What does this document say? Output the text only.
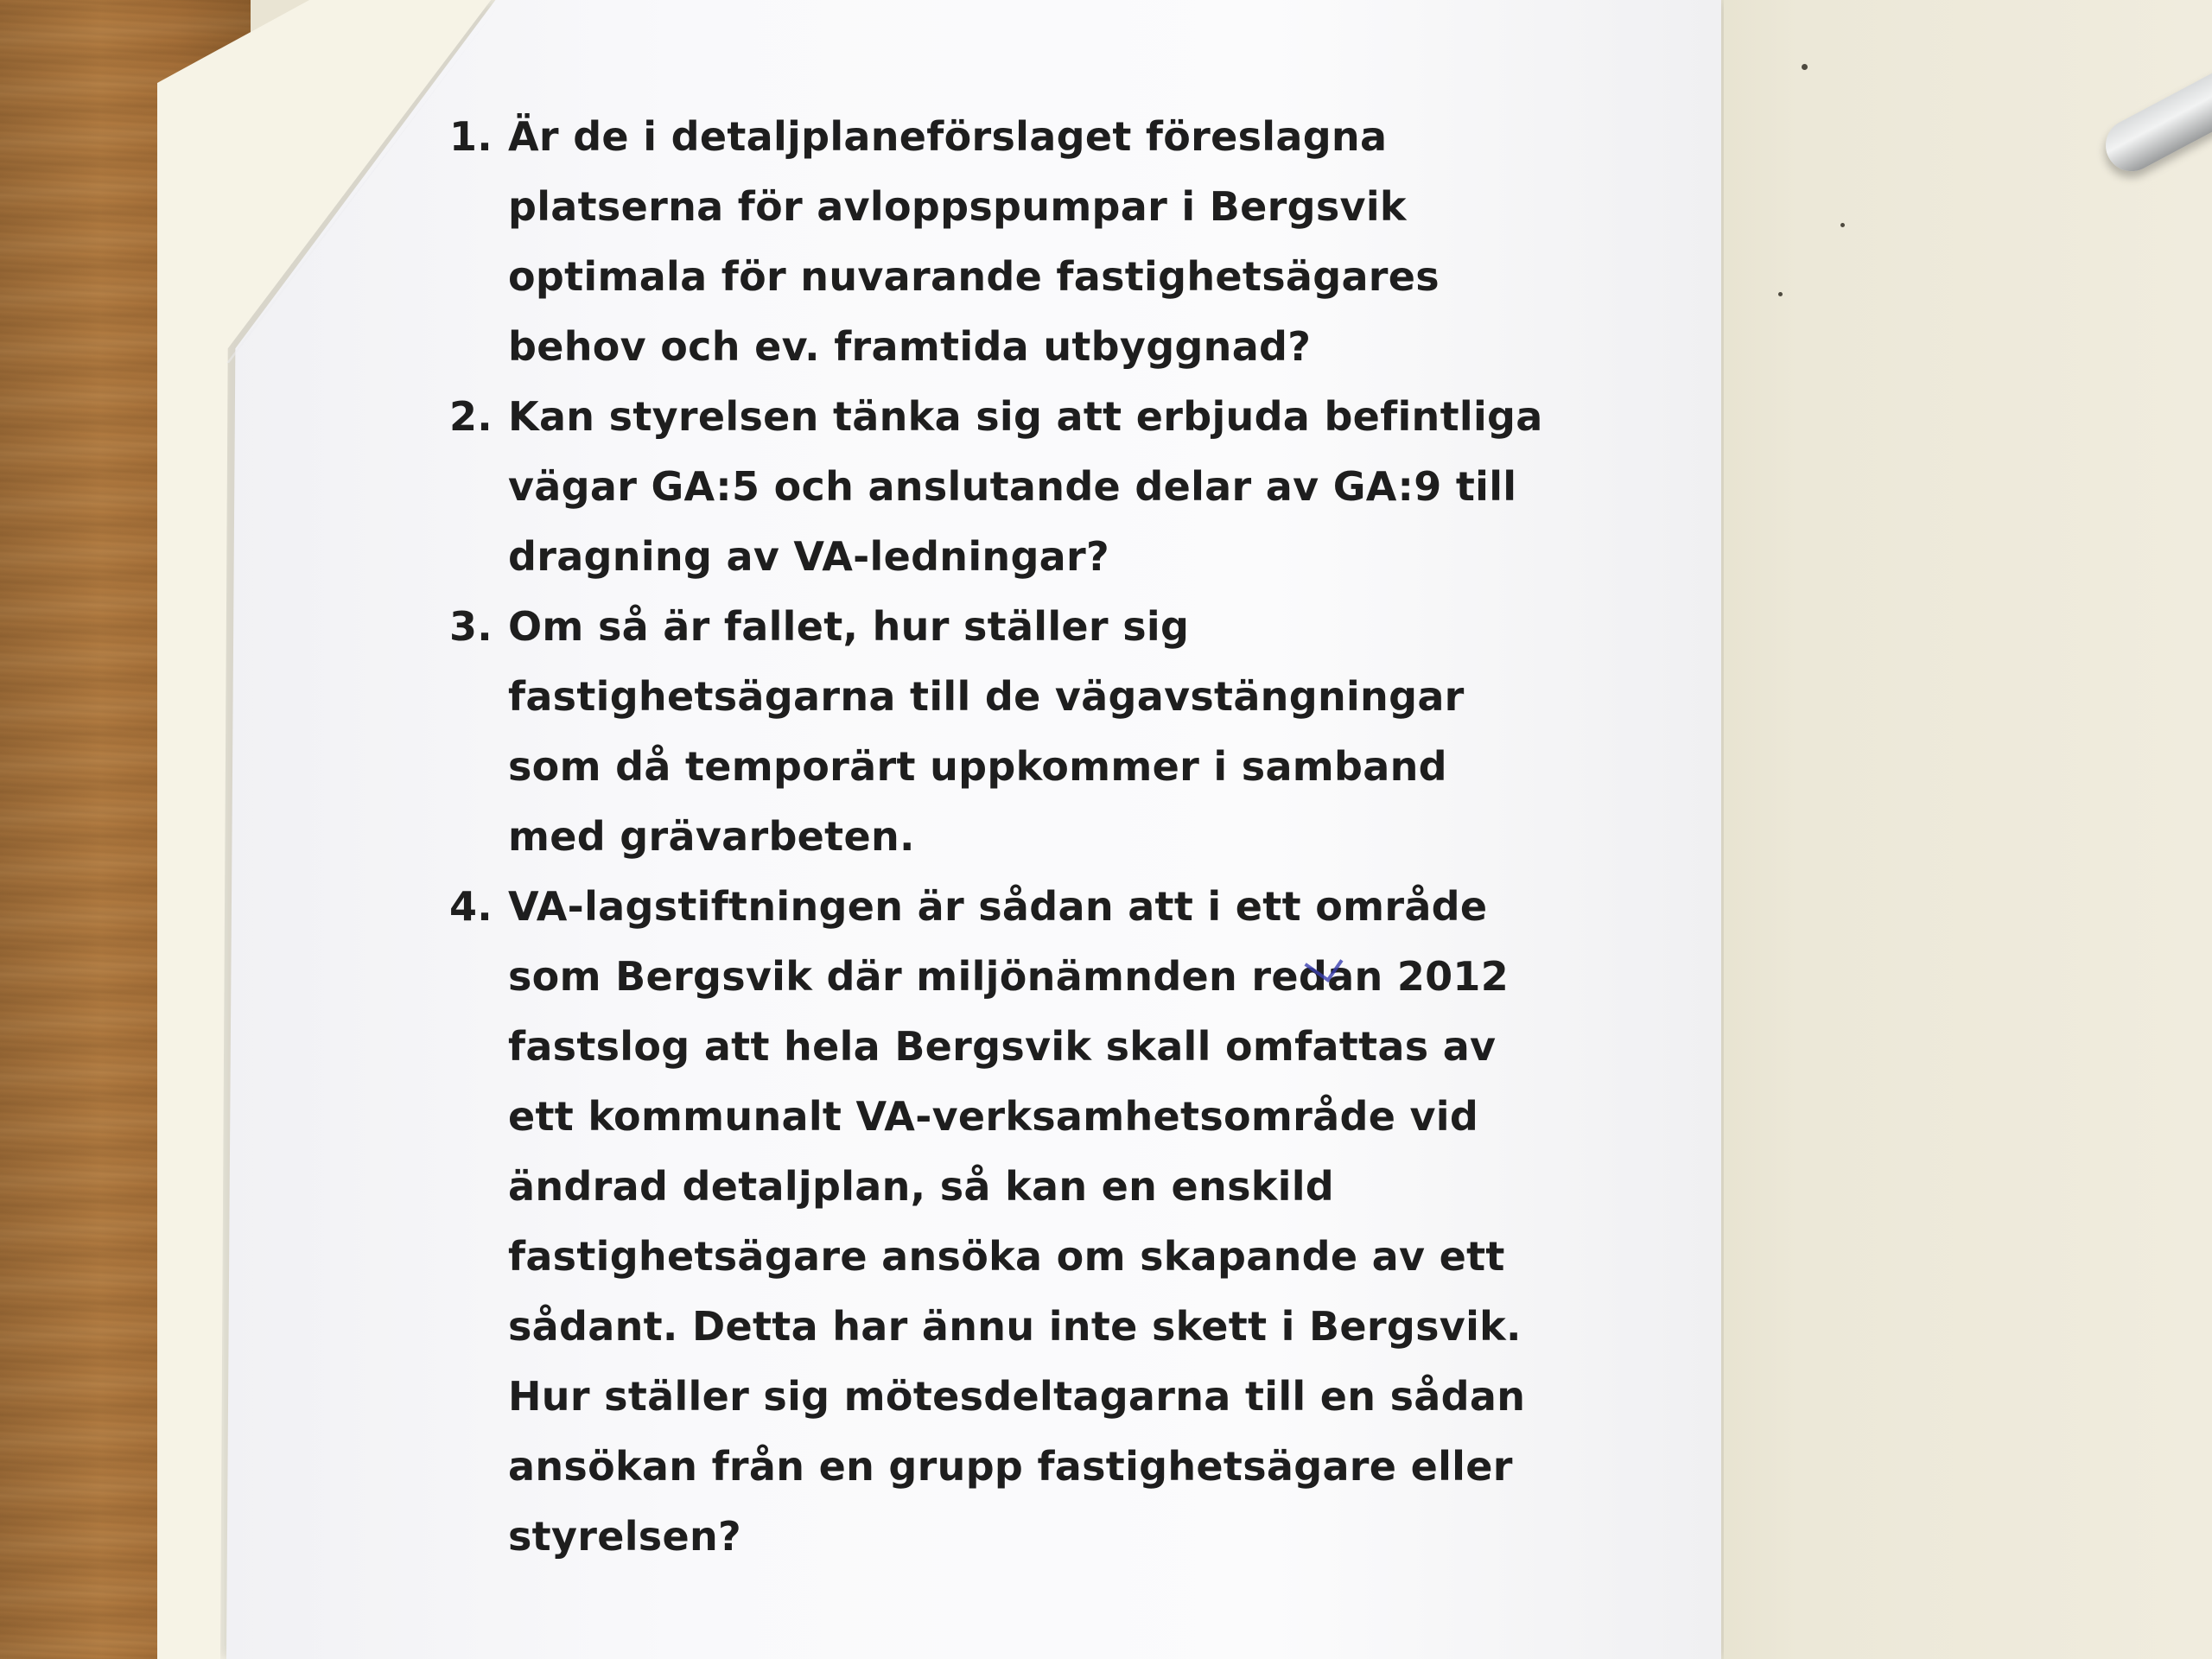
1. Är de i detaljplaneförslaget föreslagna platserna för avloppspumpar i Bergsvik optimala för nuvarande fastighetsägares behov och ev. framtida utbyggnad?
2. Kan styrelsen tänka sig att erbjuda befintliga vägar GA:5 och anslutande delar av GA:9 till dragning av VA-ledningar?
3. Om så är fallet, hur ställer sig fastighetsägarna till de vägavstängningar som då temporärt uppkommer i samband med grävarbeten.
4. VA-lagstiftningen är sådan att i ett område som Bergsvik där miljönämnden redan 2012 fastslog att hela Bergsvik skall omfattas av ett kommunalt VA-verksamhetsområde vid ändrad detaljplan, så kan en enskild fastighetsägare ansöka om skapande av ett sådant. Detta har ännu inte skett i Bergsvik. Hur ställer sig mötesdeltagarna till en sådan ansökan från en grupp fastighetsägare eller styrelsen?
